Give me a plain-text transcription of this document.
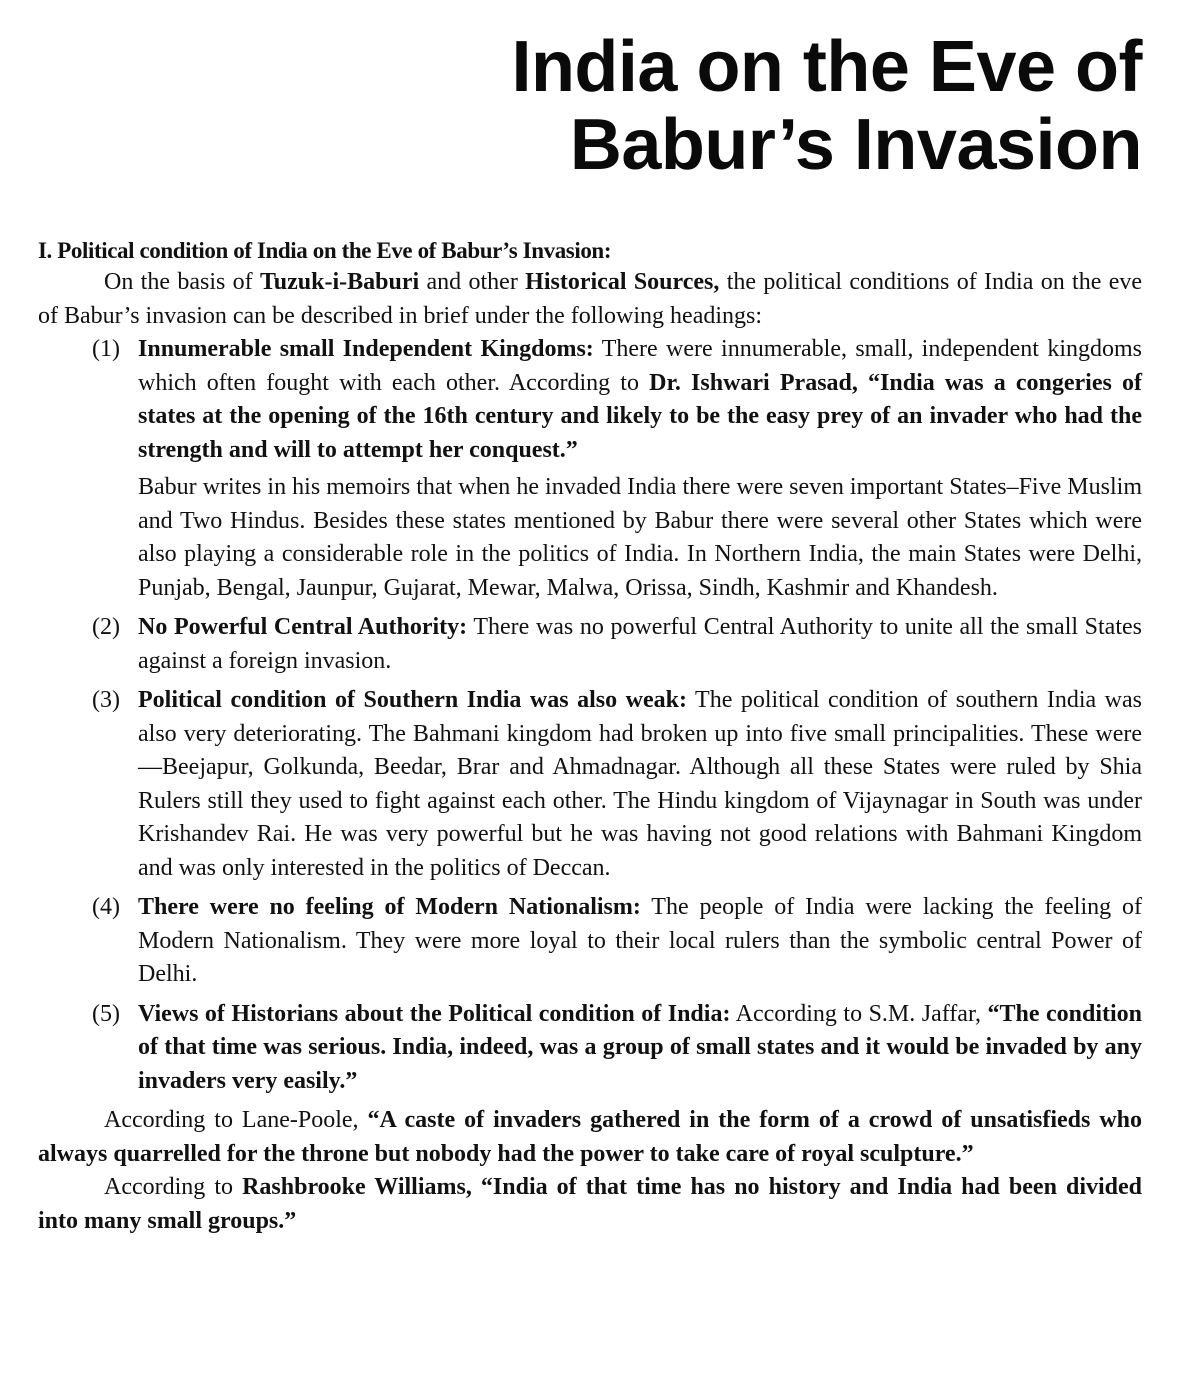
India on the Eve of
Babur’s Invasion

I. Political condition of India on the Eve of Babur’s Invasion:

On the basis of Tuzuk-i-Baburi and other Historical Sources, the political conditions of India on the eve of Babur’s invasion can be described in brief under the following headings:

(1) Innumerable small Independent Kingdoms: There were innumerable, small, independent kingdoms which often fought with each other. According to Dr. Ishwari Prasad, “India was a congeries of states at the opening of the 16th century and likely to be the easy prey of an invader who had the strength and will to attempt her conquest.”

Babur writes in his memoirs that when he invaded India there were seven important States–Five Muslim and Two Hindus. Besides these states mentioned by Babur there were several other States which were also playing a considerable role in the politics of India. In Northern India, the main States were Delhi, Punjab, Bengal, Jaunpur, Gujarat, Mewar, Malwa, Orissa, Sindh, Kashmir and Khandesh.

(2) No Powerful Central Authority: There was no powerful Central Authority to unite all the small States against a foreign invasion.

(3) Political condition of Southern India was also weak: The political condition of southern India was also very deteriorating. The Bahmani kingdom had broken up into five small principalities. These were—Beejapur, Golkunda, Beedar, Brar and Ahmadnagar. Although all these States were ruled by Shia Rulers still they used to fight against each other. The Hindu kingdom of Vijaynagar in South was under Krishandev Rai. He was very powerful but he was having not good relations with Bahmani Kingdom and was only interested in the politics of Deccan.

(4) There were no feeling of Modern Nationalism: The people of India were lacking the feeling of Modern Nationalism. They were more loyal to their local rulers than the symbolic central Power of Delhi.

(5) Views of Historians about the Political condition of India: According to S.M. Jaffar, “The condition of that time was serious. India, indeed, was a group of small states and it would be invaded by any invaders very easily.”

According to Lane-Poole, “A caste of invaders gathered in the form of a crowd of unsatisfieds who always quarrelled for the throne but nobody had the power to take care of royal sculpture.”

According to Rashbrooke Williams, “India of that time has no history and India had been divided into many small groups.”
